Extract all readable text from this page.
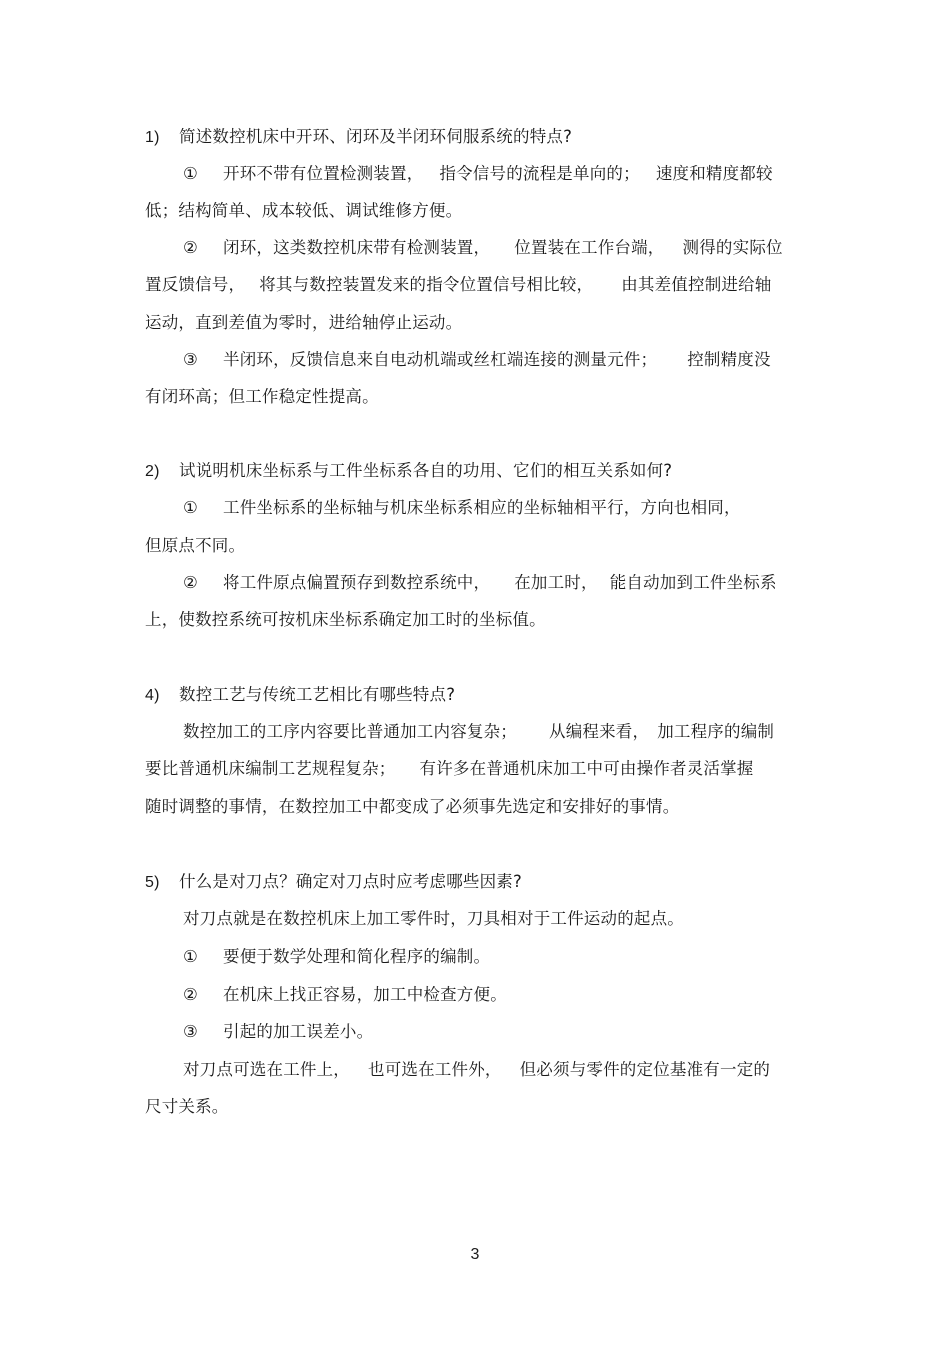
1) 简述数控机床中开环、闭环及半闭环伺服系统的特点?
① 开环不带有位置检测装置， 指令信号的流程是单向的； 速度和精度都较
低；结构简单、成本较低、调试维修方便。
② 闭环，这类数控机床带有检测装置， 位置装在工作台端， 测得的实际位
置反馈信号， 将其与数控装置发来的指令位置信号相比较， 由其差值控制进给轴
运动，直到差值为零时，进给轴停止运动。
③ 半闭环，反馈信息来自电动机端或丝杠端连接的测量元件； 控制精度没
有闭环高；但工作稳定性提高。
2) 试说明机床坐标系与工件坐标系各自的功用、它们的相互关系如何?
① 工件坐标系的坐标轴与机床坐标系相应的坐标轴相平行，方向也相同，
但原点不同。
② 将工件原点偏置预存到数控系统中， 在加工时， 能自动加到工件坐标系
上，使数控系统可按机床坐标系确定加工时的坐标值。
4) 数控工艺与传统工艺相比有哪些特点?
数控加工的工序内容要比普通加工内容复杂； 从编程来看， 加工程序的编制
要比普通机床编制工艺规程复杂； 有许多在普通机床加工中可由操作者灵活掌握
随时调整的事情，在数控加工中都变成了必须事先选定和安排好的事情。
5) 什么是对刀点？确定对刀点时应考虑哪些因素?
对刀点就是在数控机床上加工零件时，刀具相对于工件运动的起点。
① 要便于数学处理和简化程序的编制。
② 在机床上找正容易，加工中检查方便。
③ 引起的加工误差小。
对刀点可选在工件上， 也可选在工件外， 但必须与零件的定位基准有一定的
尺寸关系。
3
